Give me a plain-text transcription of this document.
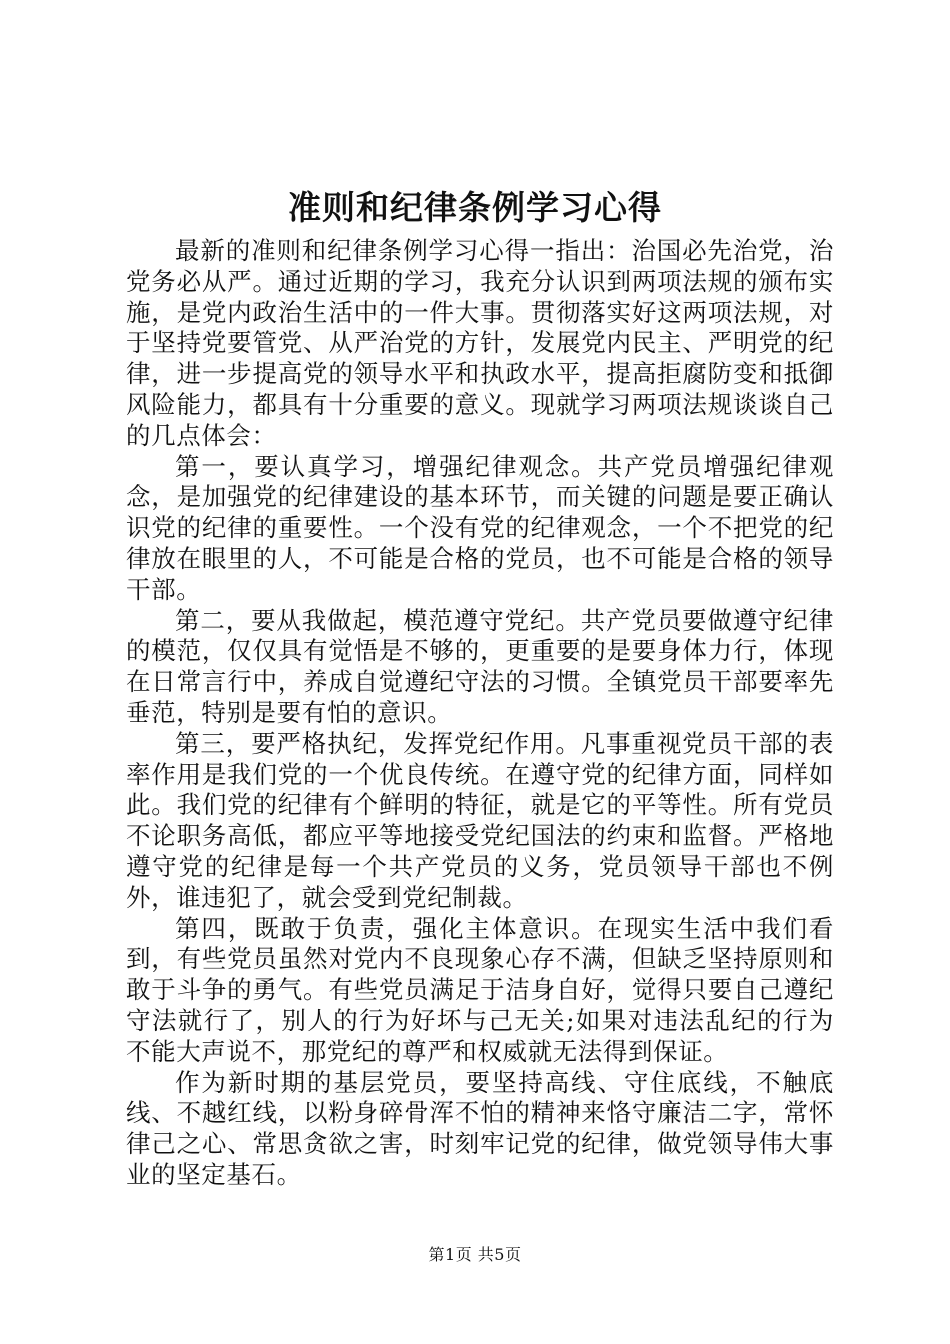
准则和纪律条例学习心得

最新的准则和纪律条例学习心得一指出：治国必先治党，治党务必从严。通过近期的学习，我充分认识到两项法规的颁布实施，是党内政治生活中的一件大事。贯彻落实好这两项法规，对于坚持党要管党、从严治党的方针，发展党内民主、严明党的纪律，进一步提高党的领导水平和执政水平，提高拒腐防变和抵御风险能力，都具有十分重要的意义。现就学习两项法规谈谈自己的几点体会：

第一，要认真学习，增强纪律观念。共产党员增强纪律观念，是加强党的纪律建设的基本环节，而关键的问题是要正确认识党的纪律的重要性。一个没有党的纪律观念，一个不把党的纪律放在眼里的人，不可能是合格的党员，也不可能是合格的领导干部。

第二，要从我做起，模范遵守党纪。共产党员要做遵守纪律的模范，仅仅具有觉悟是不够的，更重要的是要身体力行，体现在日常言行中，养成自觉遵纪守法的习惯。全镇党员干部要率先垂范，特别是要有怕的意识。

第三，要严格执纪，发挥党纪作用。凡事重视党员干部的表率作用是我们党的一个优良传统。在遵守党的纪律方面，同样如此。我们党的纪律有个鲜明的特征，就是它的平等性。所有党员不论职务高低，都应平等地接受党纪国法的约束和监督。严格地遵守党的纪律是每一个共产党员的义务，党员领导干部也不例外，谁违犯了，就会受到党纪制裁。

第四，既敢于负责，强化主体意识。在现实生活中我们看到，有些党员虽然对党内不良现象心存不满，但缺乏坚持原则和敢于斗争的勇气。有些党员满足于洁身自好，觉得只要自己遵纪守法就行了，别人的行为好坏与己无关;如果对违法乱纪的行为不能大声说不，那党纪的尊严和权威就无法得到保证。

作为新时期的基层党员，要坚持高线、守住底线，不触底线、不越红线，以粉身碎骨浑不怕的精神来恪守廉洁二字，常怀律己之心、常思贪欲之害，时刻牢记党的纪律，做党领导伟大事业的坚定基石。

第1页 共5页
